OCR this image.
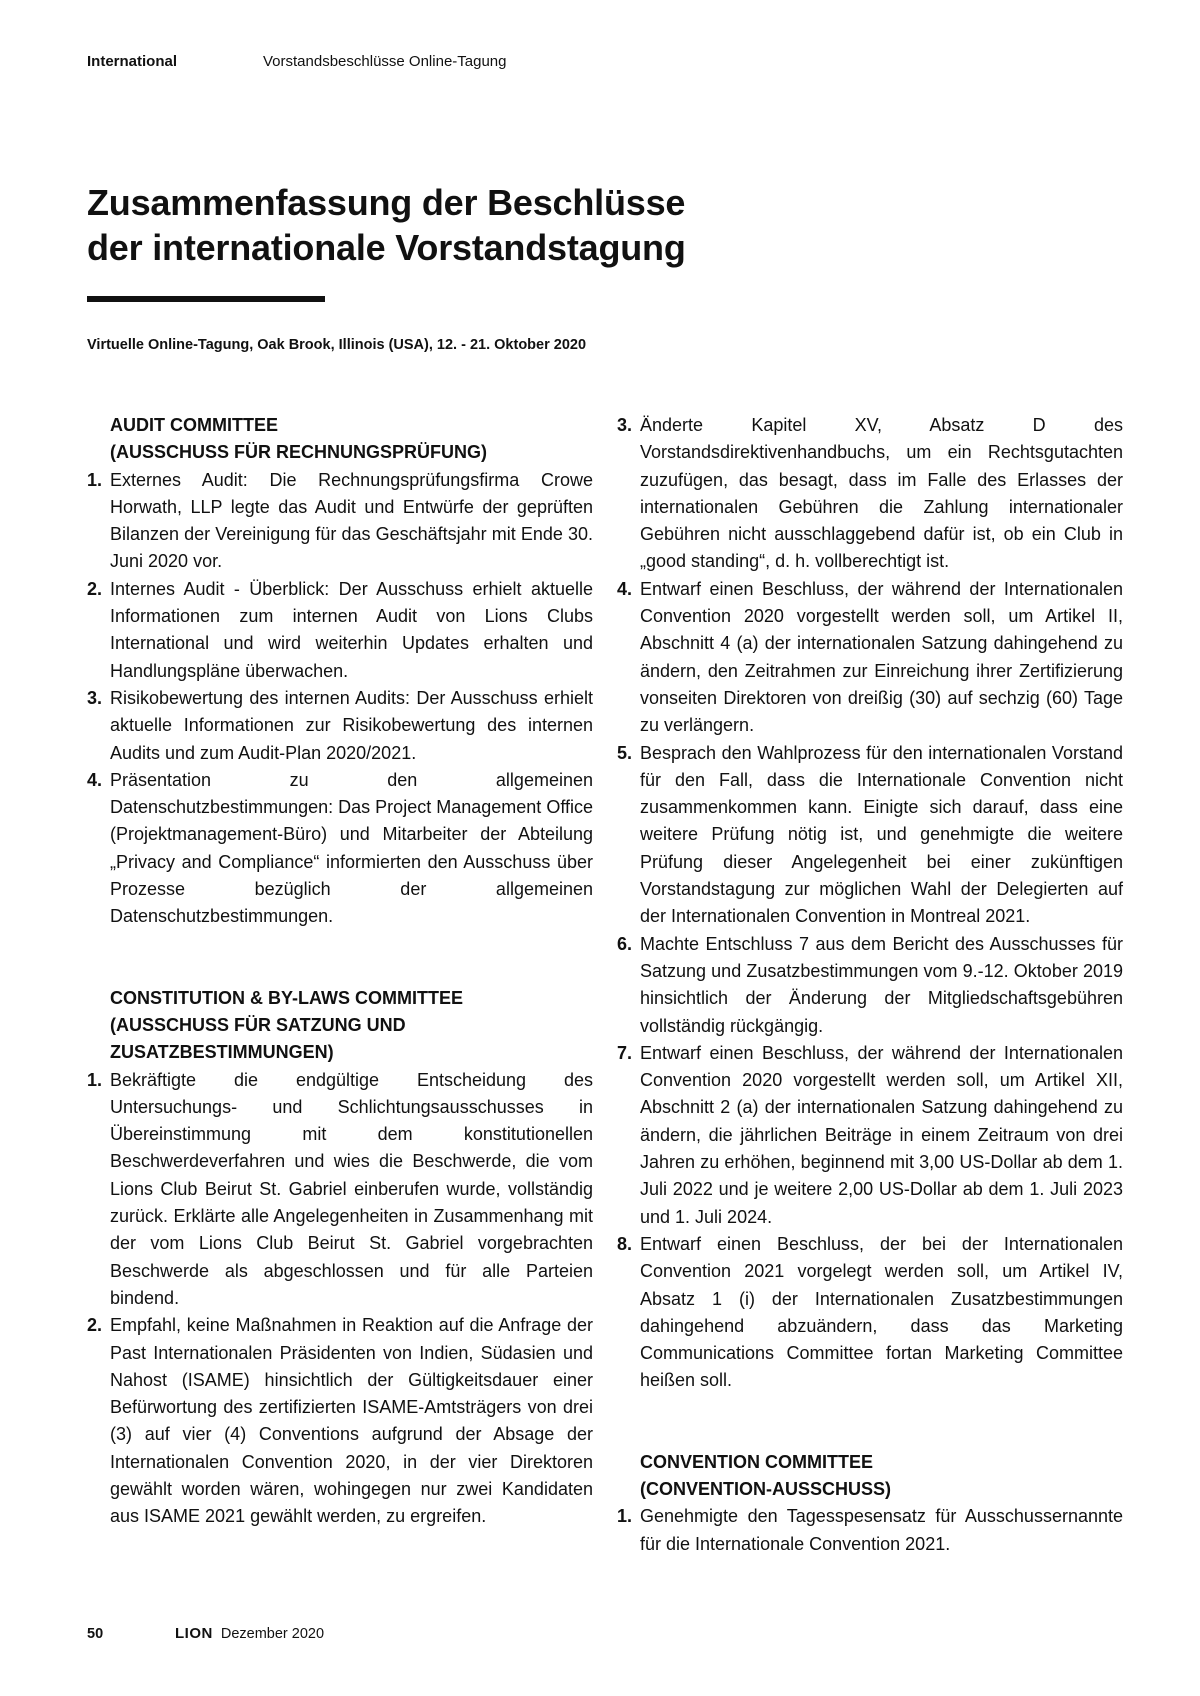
International	Vorstandsbeschlüsse Online-Tagung
Zusammenfassung der Beschlüsse
der internationale Vorstandstagung
Virtuelle Online-Tagung, Oak Brook, Illinois (USA), 12. - 21. Oktober 2020
AUDIT COMMITTEE
(AUSSCHUSS FÜR RECHNUNGSPRÜFUNG)
1. Externes Audit: Die Rechnungsprüfungsfirma Crowe Horwath, LLP legte das Audit und Entwürfe der geprüften Bilanzen der Vereinigung für das Geschäftsjahr mit Ende 30. Juni 2020 vor.
2. Internes Audit - Überblick: Der Ausschuss erhielt aktuelle Informationen zum internen Audit von Lions Clubs International und wird weiterhin Updates erhalten und Handlungspläne überwachen.
3. Risikobewertung des internen Audits: Der Ausschuss erhielt aktuelle Informationen zur Risikobewertung des internen Audits und zum Audit-Plan 2020/2021.
4. Präsentation zu den allgemeinen Datenschutzbestimmungen: Das Project Management Office (Projektmanagement-Büro) und Mitarbeiter der Abteilung „Privacy and Compliance“ informierten den Ausschuss über Prozesse bezüglich der allgemeinen Datenschutzbestimmungen.
CONSTITUTION & BY-LAWS COMMITTEE
(AUSSCHUSS FÜR SATZUNG UND
ZUSATZBESTIMMUNGEN)
1. Bekräftigte die endgültige Entscheidung des Untersuchungs- und Schlichtungsausschusses in Übereinstimmung mit dem konstitutionellen Beschwerdeverfahren und wies die Beschwerde, die vom Lions Club Beirut St. Gabriel einberufen wurde, vollständig zurück. Erklärte alle Angelegenheiten in Zusammenhang mit der vom Lions Club Beirut St. Gabriel vorgebrachten Beschwerde als abgeschlossen und für alle Parteien bindend.
2. Empfahl, keine Maßnahmen in Reaktion auf die Anfrage der Past Internationalen Präsidenten von Indien, Südasien und Nahost (ISAME) hinsichtlich der Gültigkeitsdauer einer Befürwortung des zertifizierten ISAME-Amtsträgers von drei (3) auf vier (4) Conventions aufgrund der Absage der Internationalen Convention 2020, in der vier Direktoren gewählt worden wären, wohingegen nur zwei Kandidaten aus ISAME 2021 gewählt werden, zu ergreifen.
3. Änderte Kapitel XV, Absatz D des Vorstandsdirektivenhandbuchs, um ein Rechtsgutachten zuzufügen, das besagt, dass im Falle des Erlasses der internationalen Gebühren die Zahlung internationaler Gebühren nicht ausschlaggebend dafür ist, ob ein Club in „good standing“, d. h. vollberechtigt ist.
4. Entwarf einen Beschluss, der während der Internationalen Convention 2020 vorgestellt werden soll, um Artikel II, Abschnitt 4 (a) der internationalen Satzung dahingehend zu ändern, den Zeitrahmen zur Einreichung ihrer Zertifizierung vonseiten Direktoren von dreißig (30) auf sechzig (60) Tage zu verlängern.
5. Besprach den Wahlprozess für den internationalen Vorstand für den Fall, dass die Internationale Convention nicht zusammenkommen kann. Einigte sich darauf, dass eine weitere Prüfung nötig ist, und genehmigte die weitere Prüfung dieser Angelegenheit bei einer zukünftigen Vorstandstagung zur möglichen Wahl der Delegierten auf der Internationalen Convention in Montreal 2021.
6. Machte Entschluss 7 aus dem Bericht des Ausschusses für Satzung und Zusatzbestimmungen vom 9.-12. Oktober 2019 hinsichtlich der Änderung der Mitgliedschaftsgebühren vollständig rückgängig.
7. Entwarf einen Beschluss, der während der Internationalen Convention 2020 vorgestellt werden soll, um Artikel XII, Abschnitt 2 (a) der internationalen Satzung dahingehend zu ändern, die jährlichen Beiträge in einem Zeitraum von drei Jahren zu erhöhen, beginnend mit 3,00 US-Dollar ab dem 1. Juli 2022 und je weitere 2,00 US-Dollar ab dem 1. Juli 2023 und 1. Juli 2024.
8. Entwarf einen Beschluss, der bei der Internationalen Convention 2021 vorgelegt werden soll, um Artikel IV, Absatz 1 (i) der Internationalen Zusatzbestimmungen dahingehend abzuändern, dass das Marketing Communications Committee fortan Marketing Committee heißen soll.
CONVENTION COMMITTEE
(CONVENTION-AUSSCHUSS)
1. Genehmigte den Tagesspesensatz für Ausschussernannte für die Internationale Convention 2021.
50	LION Dezember 2020
